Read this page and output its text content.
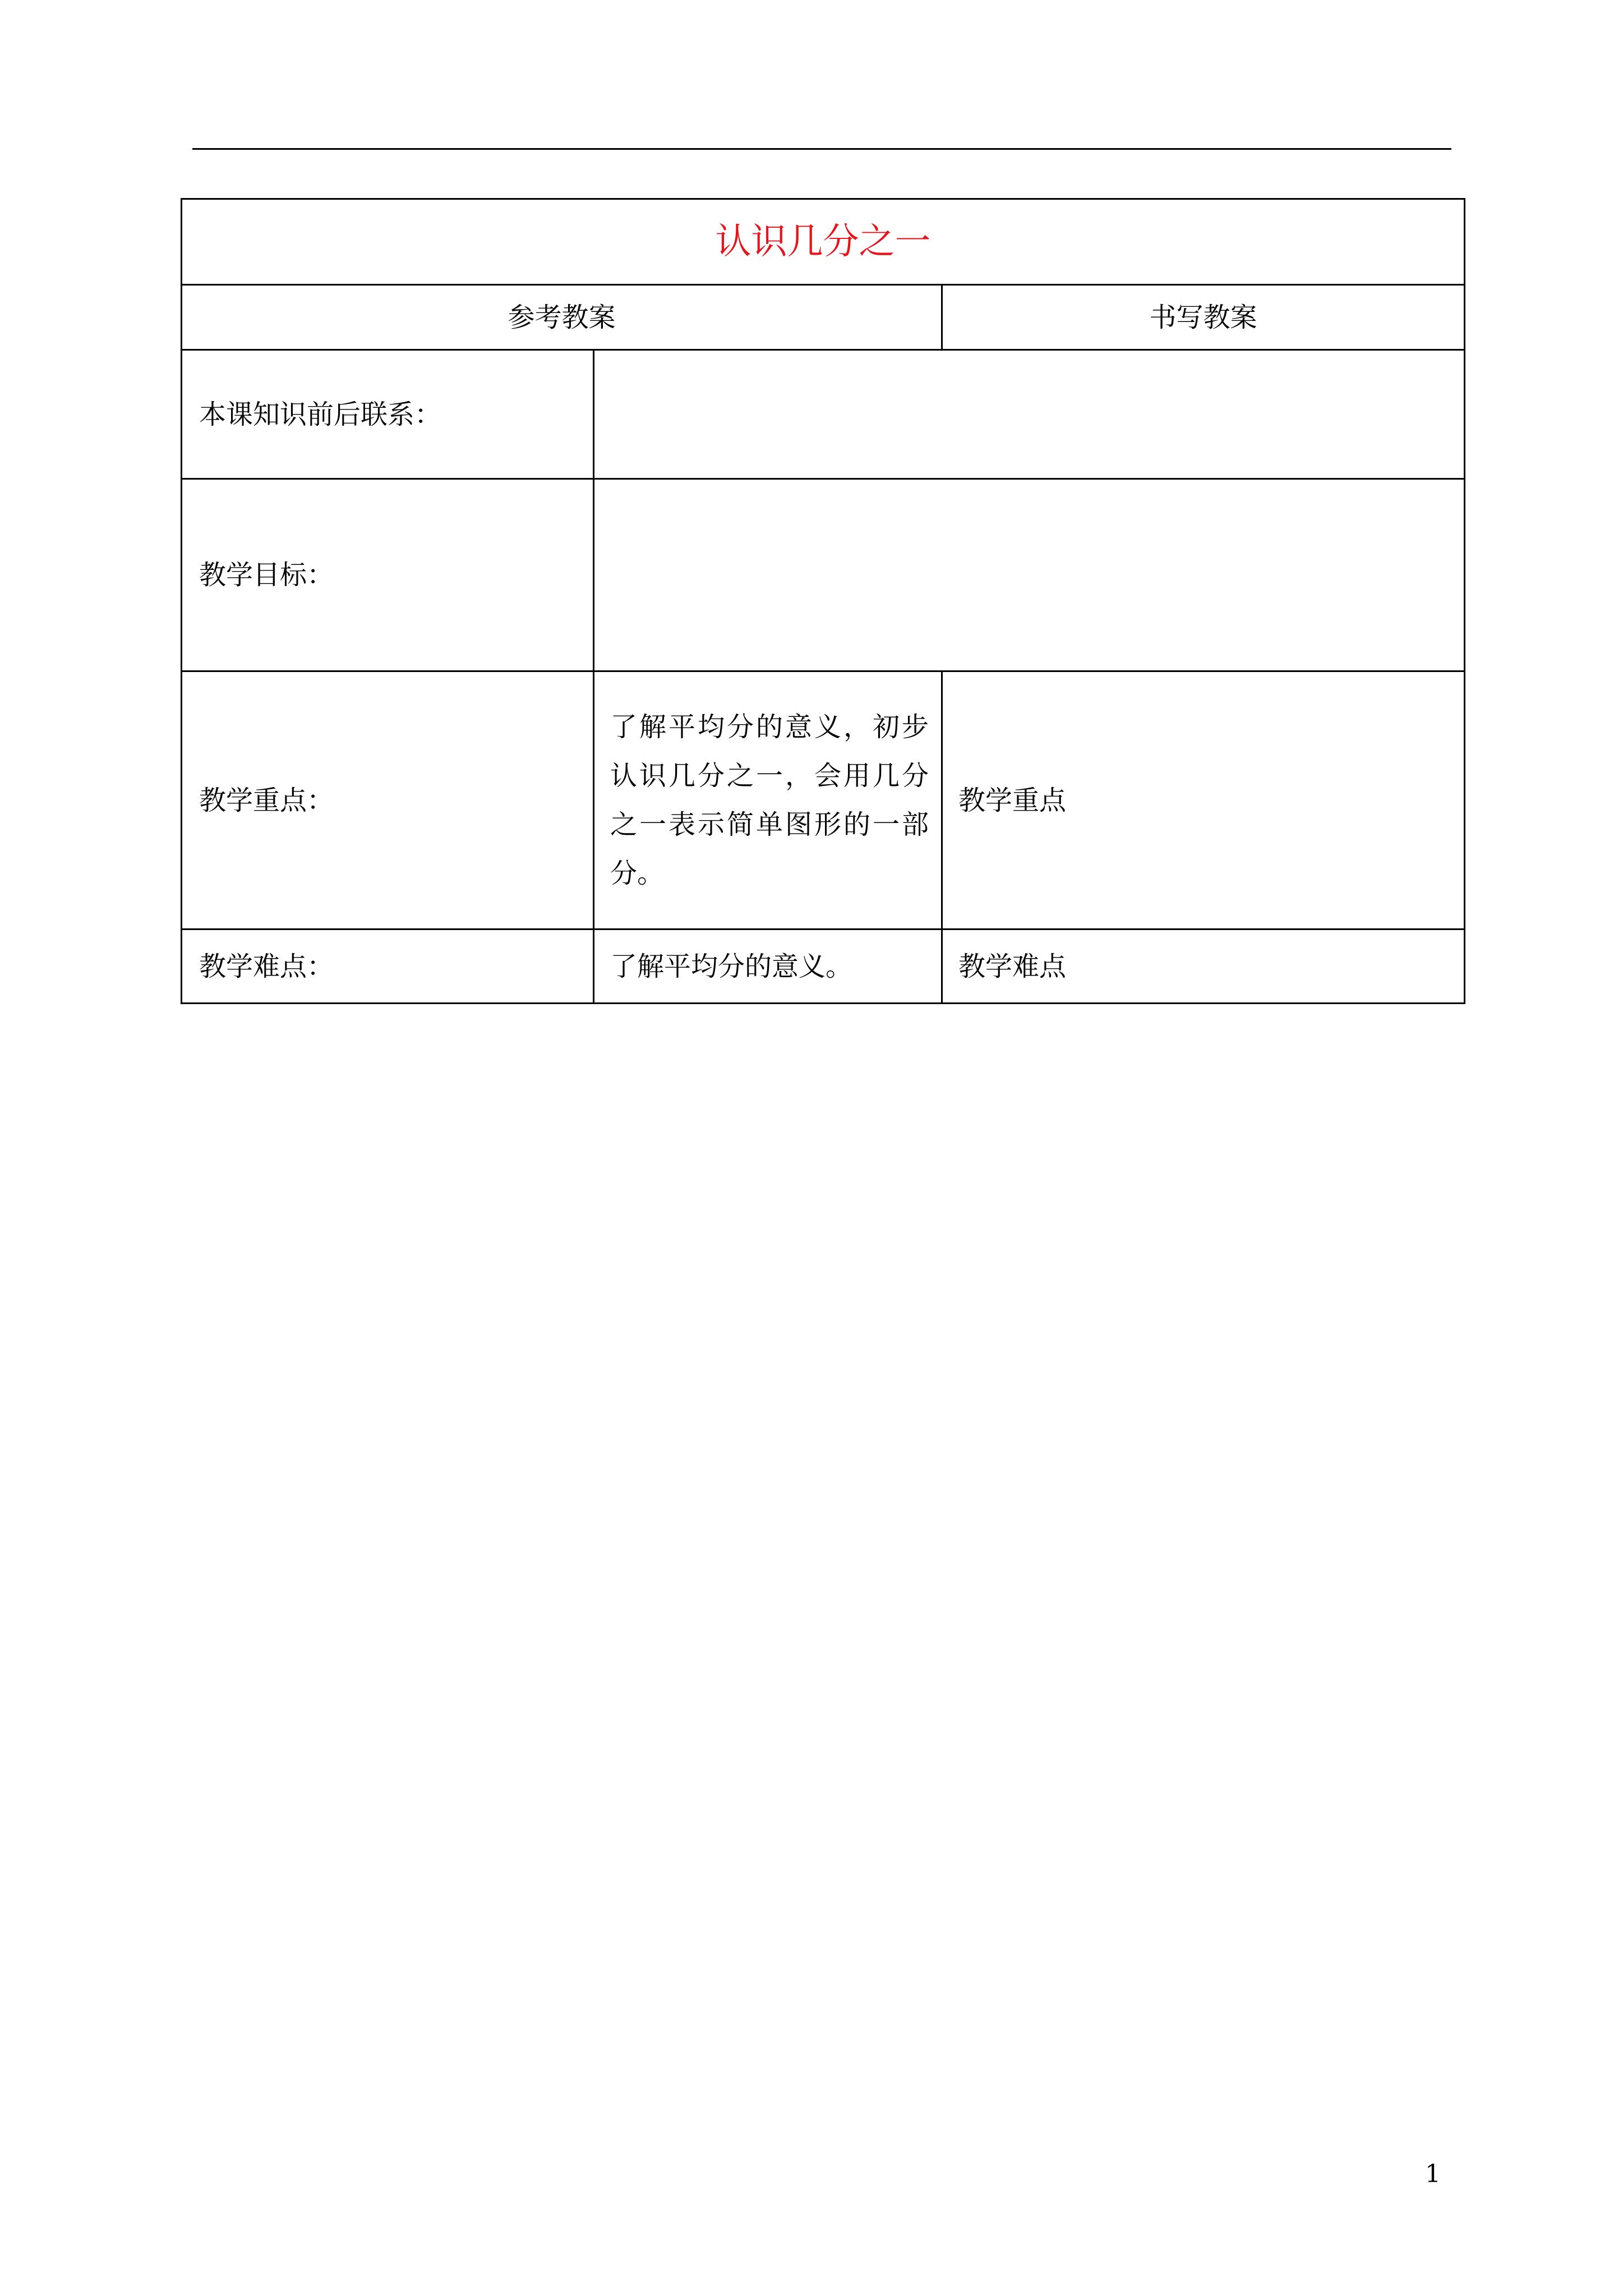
认识几分之一		
参考教案		书写教案
本课知识前后联系：		
教学目标：		
教学重点：	了解平均分的意义，初步认识几分之一，会用几分之一表示简单图形的一部分。	教学重点
教学难点：	了解平均分的意义。	教学难点
1
